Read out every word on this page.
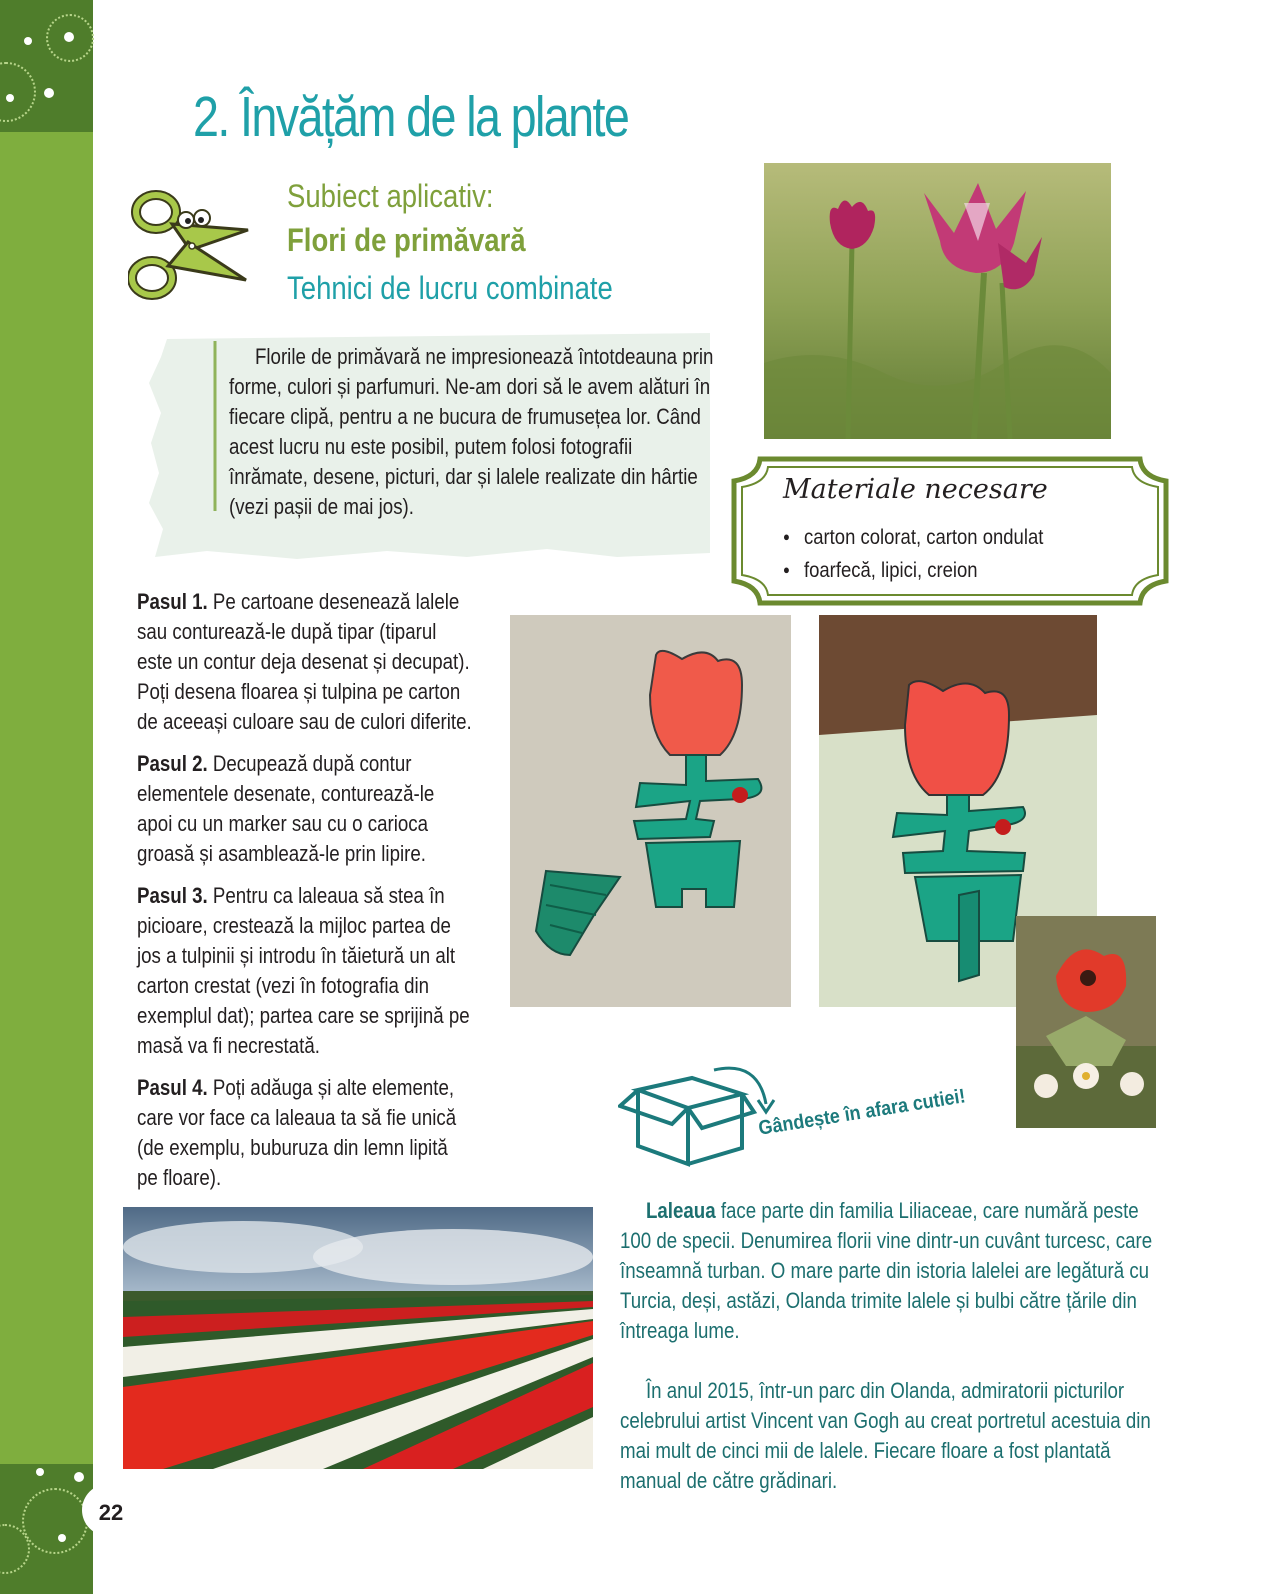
2. Învățăm de la plante
Subiect aplicativ:
Flori de primăvară
Tehnici de lucru combinate
Florile de primăvară ne impresionează întotdeauna prin forme, culori și parfumuri. Ne-am dori să le avem alături în fiecare clipă, pentru a ne bucura de frumusețea lor. Când acest lucru nu este posibil, putem folosi fotografii înrămate, desene, picturi, dar și lalele realizate din hârtie (vezi pașii de mai jos).
Materiale necesare
● carton colorat, carton ondulat
● foarfecă, lipici, creion
Pasul 1. Pe cartoane desenează lalele sau conturează-le după tipar (tiparul este un contur deja desenat și decupat). Poți desena floarea și tulpina pe carton de aceeași culoare sau de culori diferite.
Pasul 2. Decupează după contur elementele desenate, conturează-le apoi cu un marker sau cu o carioca groasă și asamblează-le prin lipire.
Pasul 3. Pentru ca laleaua să stea în picioare, crestează la mijloc partea de jos a tulpinii și introdu în tăietură un alt carton crestat (vezi în fotografia din exemplul dat); partea care se sprijină pe masă va fi necrestată.
Pasul 4. Poți adăuga și alte elemente, care vor face ca laleaua ta să fie unică (de exemplu, buburuza din lemn lipită pe floare).
Gândește în afara cutiei!
Laleaua face parte din familia Liliaceae, care numără peste 100 de specii. Denumirea florii vine dintr-un cuvânt turcesc, care înseamnă turban. O mare parte din istoria lalelei are legătură cu Turcia, deși, astăzi, Olanda trimite lalele și bulbi către țările din întreaga lume.
În anul 2015, într-un parc din Olanda, admiratorii picturilor celebrului artist Vincent van Gogh au creat portretul acestuia din mai mult de cinci mii de lalele. Fiecare floare a fost plantată manual de către grădinari.
22
